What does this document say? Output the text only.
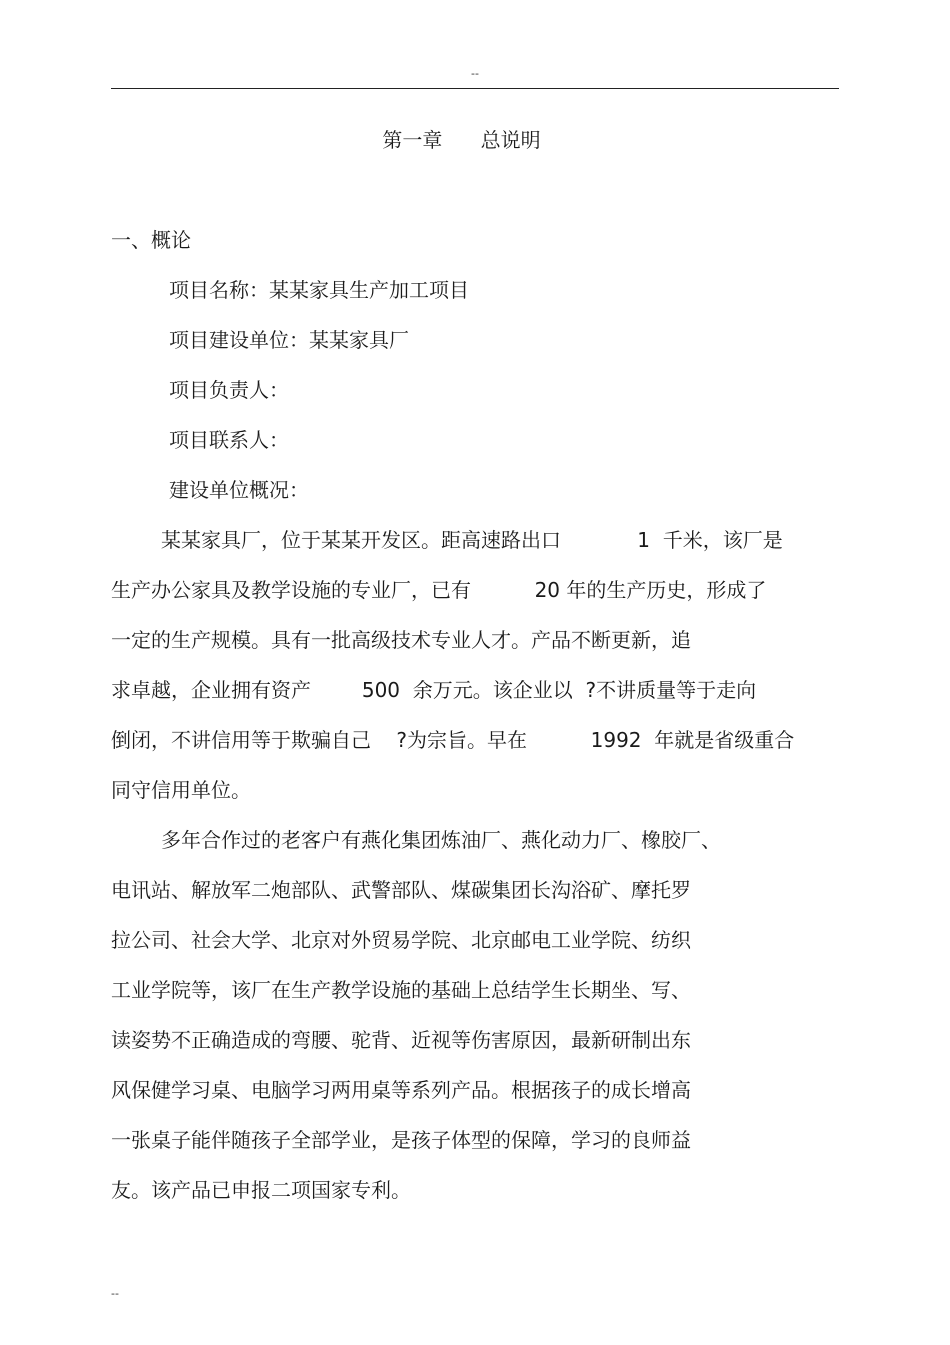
--
第一章      总说明
一、概论
项目名称：某某家具生产加工项目
项目建设单位：某某家具厂
项目负责人：
项目联系人：
建设单位概况：
某某家具厂，位于某某开发区。距高速路出口            1  千米，该厂是
生产办公家具及教学设施的专业厂，已有          20 年的生产历史，形成了
一定的生产规模。具有一批高级技术专业人才。产品不断更新，追
求卓越，企业拥有资产        500  余万元。该企业以  ?不讲质量等于走向
倒闭，不讲信用等于欺骗自己    ?为宗旨。早在          1992  年就是省级重合
同守信用单位。
多年合作过的老客户有燕化集团炼油厂、燕化动力厂、橡胶厂、
电讯站、解放军二炮部队、武警部队、煤碳集团长沟浴矿、摩托罗
拉公司、社会大学、北京对外贸易学院、北京邮电工业学院、纺织
工业学院等，该厂在生产教学设施的基础上总结学生长期坐、写、
读姿势不正确造成的弯腰、驼背、近视等伤害原因，最新研制出东
风保健学习桌、电脑学习两用桌等系列产品。根据孩子的成长增高
一张桌子能伴随孩子全部学业，是孩子体型的保障，学习的良师益
友。该产品已申报二项国家专利。
--
